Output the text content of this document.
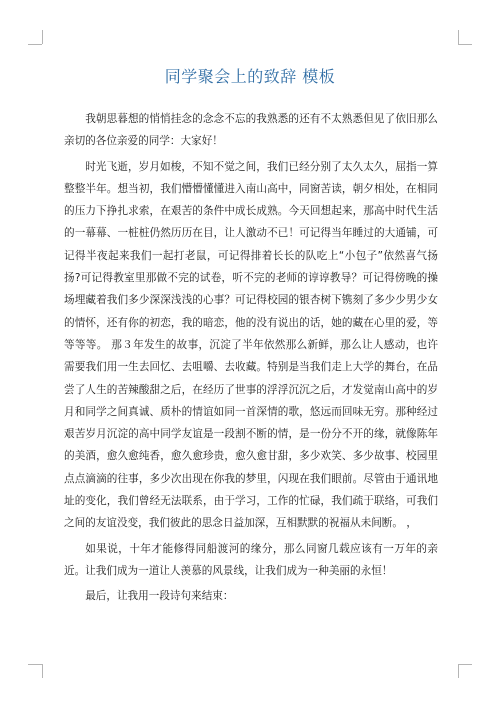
同学聚会上的致辞 模板

我朝思暮想的悄悄挂念的念念不忘的我熟悉的还有不太熟悉但见了依旧那么亲切的各位亲爱的同学：大家好！

时光飞逝，岁月如梭，不知不觉之间，我们已经分别了太久太久，屈指一算整整半年。想当初，我们懵懵懂懂进入南山高中，同窗苦读，朝夕相处，在相同的压力下挣扎求索，在艰苦的条件中成长成熟。今天回想起来，那高中时代生活的一幕幕、一桩桩仍然历历在目，让人激动不已！可记得当年睡过的大通铺，可记得半夜起来我们一起打老鼠，可记得排着长长的队吃上“小包子”依然喜气扬扬?可记得教室里那做不完的试卷，听不完的老师的谆谆教导？可记得傍晚的操场埋藏着我们多少深深浅浅的心事？可记得校园的银杏树下镌刻了多少少男少女的情怀，还有你的初恋，我的暗恋，他的没有说出的话，她的藏在心里的爱，等等等等。 那３年发生的故事，沉淀了半年依然那么新鲜，那么让人感动，也许需要我们用一生去回忆、去咀嚼、去收藏。特别是当我们走上大学的舞台，在品尝了人生的苦辣酸甜之后，在经历了世事的浮浮沉沉之后，才发觉南山高中的岁月和同学之间真诚、质朴的情谊如同一首深情的歌，悠远而回味无穷。那种经过艰苦岁月沉淀的高中同学友谊是一段割不断的情，是一份分不开的缘，就像陈年的美酒，愈久愈纯香，愈久愈珍贵，愈久愈甘甜，多少欢笑、多少故事、校园里点点滴滴的往事，多少次出现在你我的梦里，闪现在我们眼前。尽管由于通讯地址的变化，我们曾经无法联系，由于学习，工作的忙碌，我们疏于联络，可我们之间的友谊没变，我们彼此的思念日益加深，互相默默的祝福从未间断。 ，

如果说，十年才能修得同船渡河的缘分，那么同窗几载应该有一万年的亲近。让我们成为一道让人羡慕的风景线，让我们成为一种美丽的永恒！

最后，让我用一段诗句来结束：
